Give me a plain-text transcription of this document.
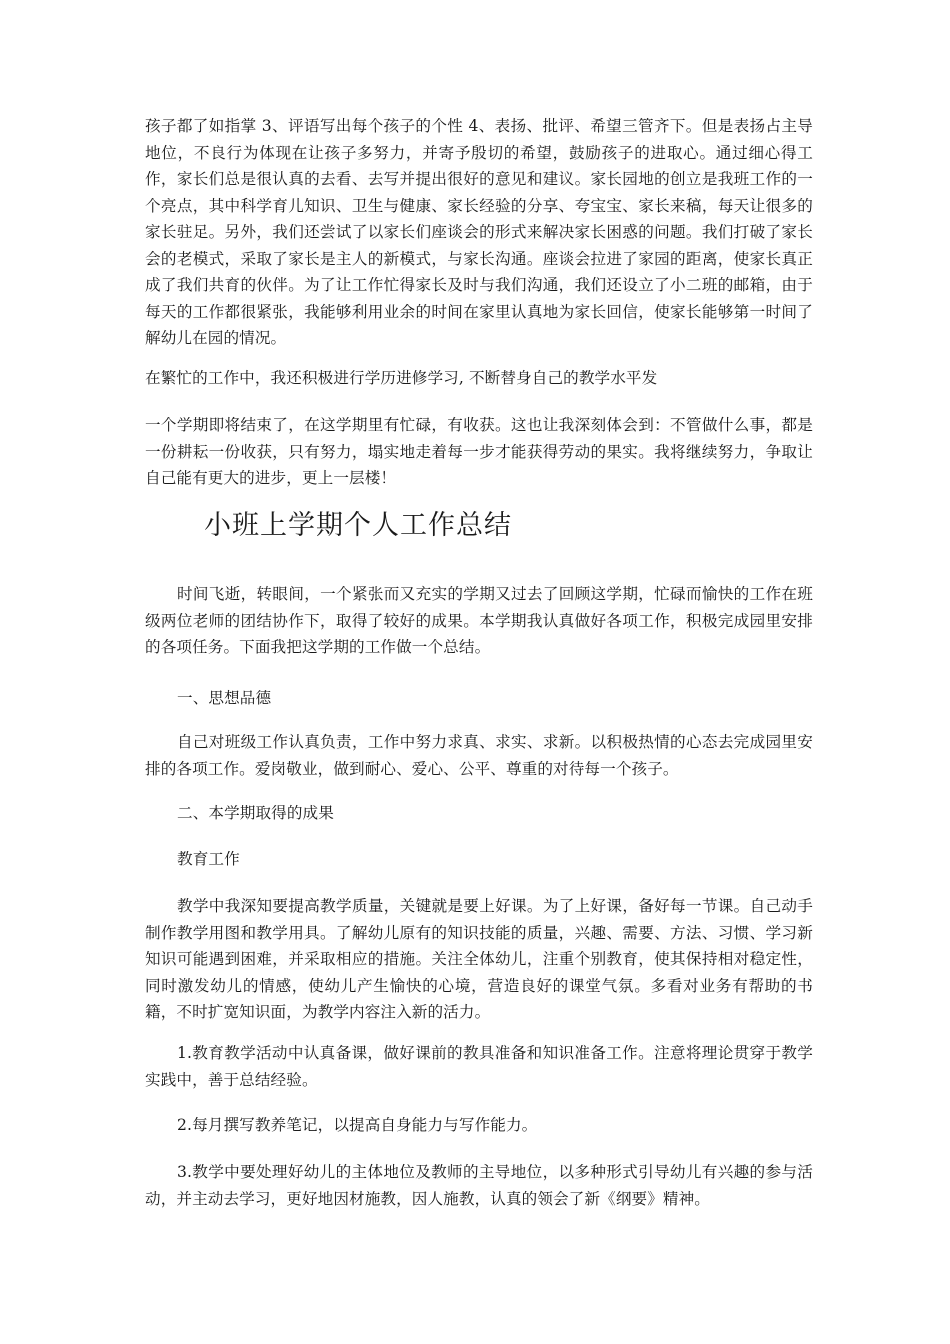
孩子都了如指掌 3、评语写出每个孩子的个性 4、表扬、批评、希望三管齐下。但是表扬占主导地位，不良行为体现在让孩子多努力，并寄予殷切的希望，鼓励孩子的进取心。通过细心得工作，家长们总是很认真的去看、去写并提出很好的意见和建议。家长园地的创立是我班工作的一个亮点，其中科学育儿知识、卫生与健康、家长经验的分享、夸宝宝、家长来稿，每天让很多的家长驻足。另外，我们还尝试了以家长们座谈会的形式来解决家长困惑的问题。我们打破了家长会的老模式，采取了家长是主人的新模式，与家长沟通。座谈会拉进了家园的距离，使家长真正成了我们共育的伙伴。为了让工作忙得家长及时与我们沟通，我们还设立了小二班的邮箱，由于每天的工作都很紧张，我能够利用业余的时间在家里认真地为家长回信，使家长能够第一时间了解幼儿在园的情况。

在繁忙的工作中，我还积极进行学历进修学习, 不断替身自己的教学水平发

一个学期即将结束了，在这学期里有忙碌，有收获。这也让我深刻体会到：不管做什么事，都是一份耕耘一份收获，只有努力，塌实地走着每一步才能获得劳动的果实。我将继续努力，争取让自己能有更大的进步，更上一层楼！

小班上学期个人工作总结

时间飞逝，转眼间，一个紧张而又充实的学期又过去了回顾这学期，忙碌而愉快的工作在班级两位老师的团结协作下，取得了较好的成果。本学期我认真做好各项工作，积极完成园里安排的各项任务。下面我把这学期的工作做一个总结。

一、思想品德

自己对班级工作认真负责，工作中努力求真、求实、求新。以积极热情的心态去完成园里安排的各项工作。爱岗敬业，做到耐心、爱心、公平、尊重的对待每一个孩子。

二、本学期取得的成果

教育工作

教学中我深知要提高教学质量，关键就是要上好课。为了上好课，备好每一节课。自己动手制作教学用图和教学用具。了解幼儿原有的知识技能的质量，兴趣、需要、方法、习惯、学习新知识可能遇到困难，并采取相应的措施。关注全体幼儿，注重个别教育，使其保持相对稳定性，同时激发幼儿的情感，使幼儿产生愉快的心境，营造良好的课堂气氛。多看对业务有帮助的书籍，不时扩宽知识面，为教学内容注入新的活力。

1.教育教学活动中认真备课，做好课前的教具准备和知识准备工作。注意将理论贯穿于教学实践中，善于总结经验。

2.每月撰写教养笔记，以提高自身能力与写作能力。

3.教学中要处理好幼儿的主体地位及教师的主导地位，以多种形式引导幼儿有兴趣的参与活动，并主动去学习，更好地因材施教，因人施教，认真的领会了新《纲要》精神。
